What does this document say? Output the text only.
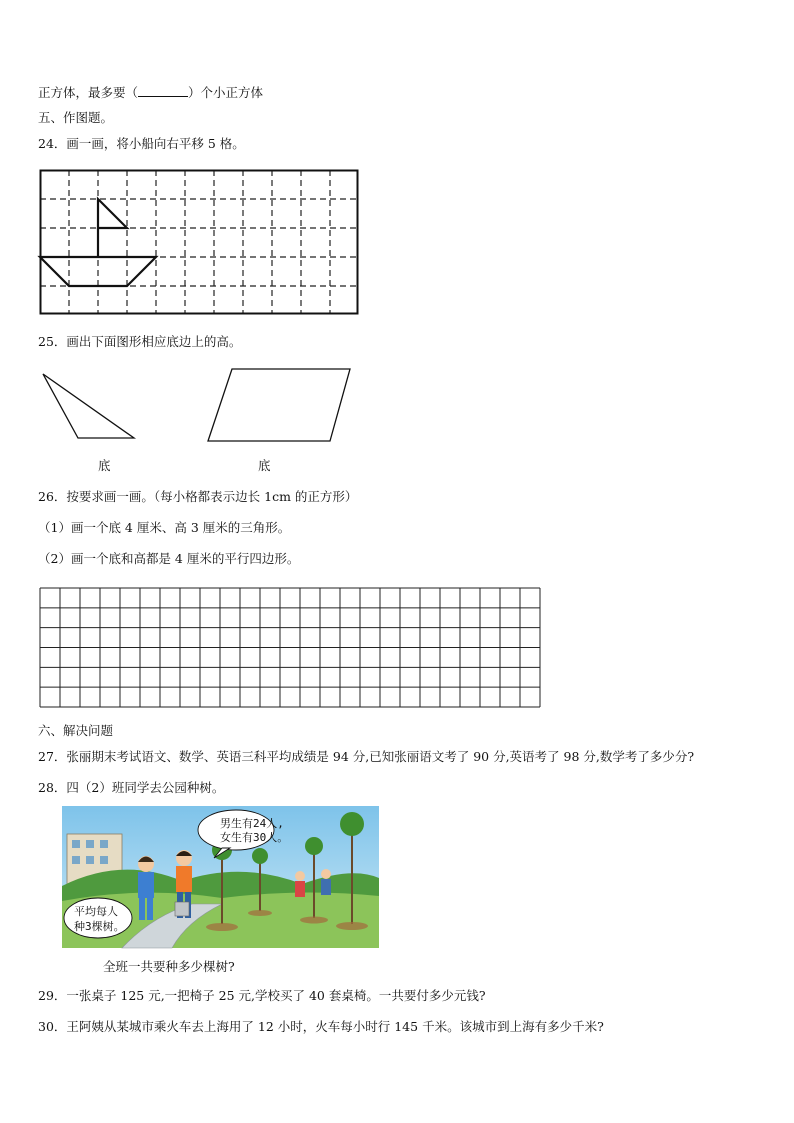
正方体，最多要（	）个小正方体
五、作图题。
24．画一画，将小船向右平移 5 格。
25．画出下面图形相应底边上的高。
底	底
26．按要求画一画。（每小格都表示边长 1cm 的正方形）
（1）画一个底 4 厘米、高 3 厘米的三角形。
（2）画一个底和高都是 4 厘米的平行四边形。
六、解决问题
27．张丽期末考试语文、数学、英语三科平均成绩是 94 分,已知张丽语文考了 90 分,英语考了 98 分,数学考了多少分?
28．四（2）班同学去公园种树。
男生有24人,
女生有30人。
平均每人
种3棵树。
全班一共要种多少棵树?
29．一张桌子 125 元,一把椅子 25 元,学校买了 40 套桌椅。一共要付多少元钱?
30．王阿姨从某城市乘火车去上海用了 12 小时，火车每小时行 145 千米。该城市到上海有多少千米?
